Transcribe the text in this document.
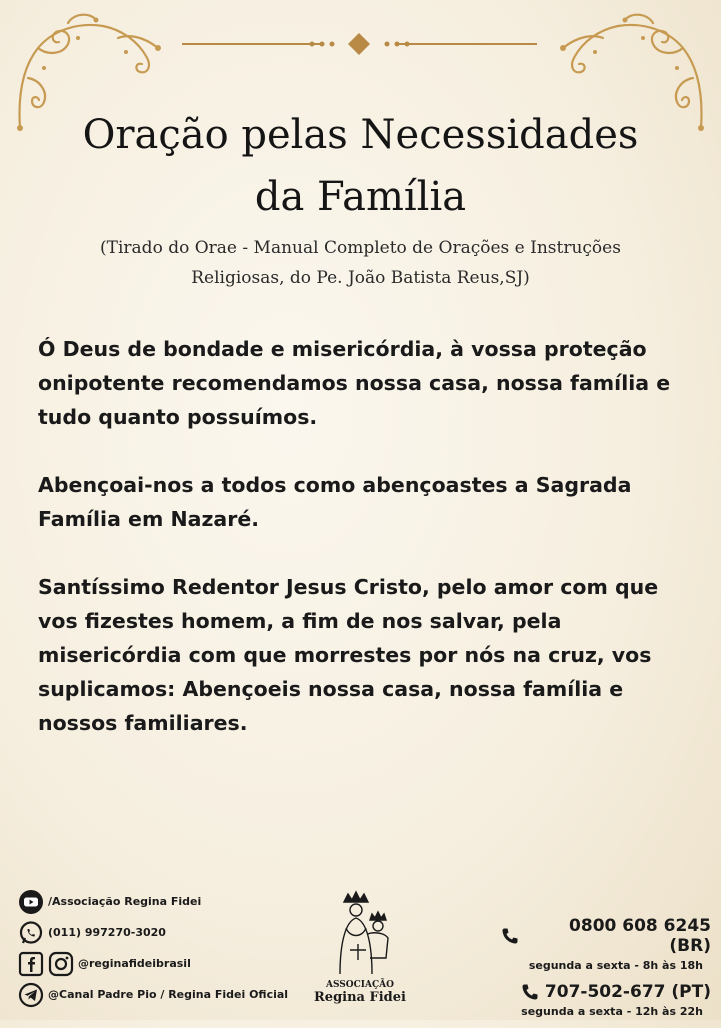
Oração pelas Necessidades
da Família

(Tirado do Orae - Manual Completo de Orações e Instruções
Religiosas, do Pe. João Batista Reus,SJ)

Ó Deus de bondade e misericórdia, à vossa proteção onipotente recomendamos nossa casa, nossa família e tudo quanto possuímos.

Abençoai-nos a todos como abençoastes a Sagrada Família em Nazaré.

Santíssimo Redentor Jesus Cristo, pelo amor com que vos fizestes homem, a fim de nos salvar, pela misericórdia com que morrestes por nós na cruz, vos suplicamos: Abençoeis nossa casa, nossa família e nossos familiares.

/Associação Regina Fidei
(011) 997270-3020
@reginafideibrasil
@Canal Padre Pio / Regina Fidei Oficial
ASSOCIAÇÃO
Regina Fidei
0800 608 6245 (BR)
segunda a sexta - 8h às 18h
707-502-677 (PT)
segunda a sexta - 12h às 22h
